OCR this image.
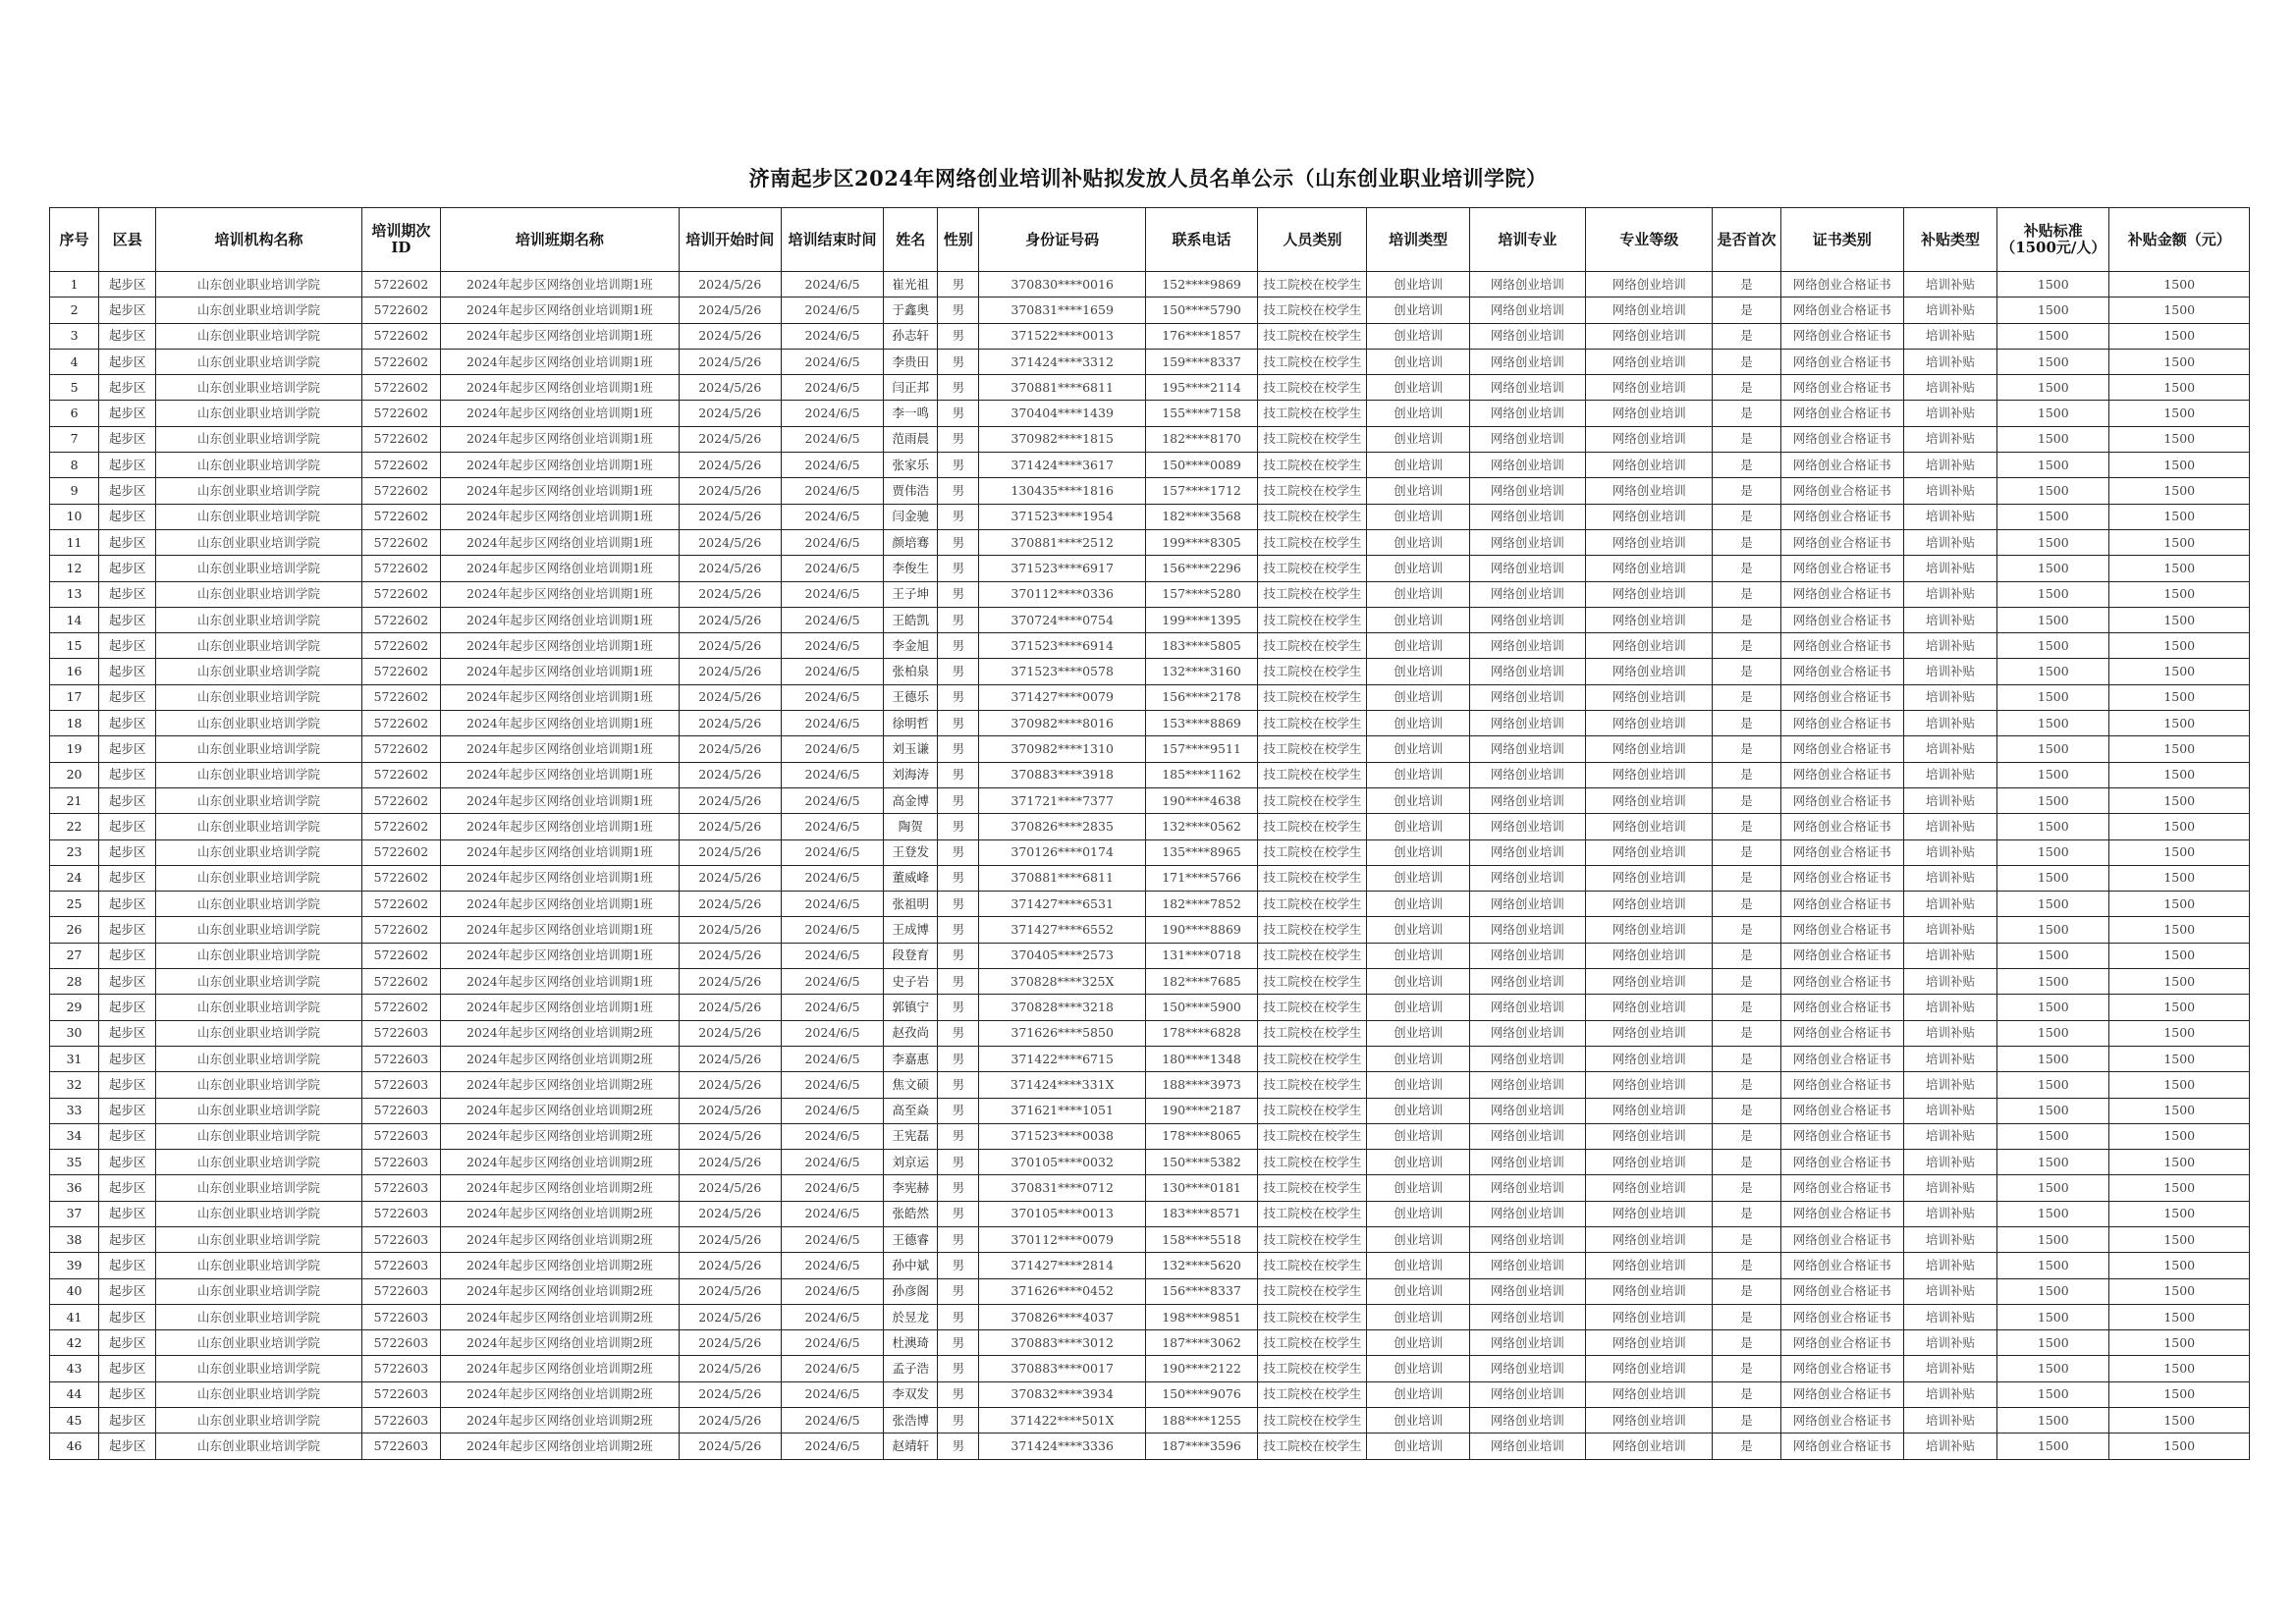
济南起步区2024年网络创业培训补贴拟发放人员名单公示（山东创业职业培训学院）
序号	区县	培训机构名称	培训期次ID	培训班期名称	培训开始时间	培训结束时间	姓名	性别	身份证号码	联系电话	人员类别	培训类型	培训专业	专业等级	是否首次	证书类别	补贴类型	补贴标准（1500元/人）	补贴金额（元）
1	起步区	山东创业职业培训学院	5722602	2024年起步区网络创业培训期1班	2024/5/26	2024/6/5	崔光祖	男	370830****0016	152****9869	技工院校在校学生	创业培训	网络创业培训	网络创业培训	是	网络创业合格证书	培训补贴	1500	1500
2	起步区	山东创业职业培训学院	5722602	2024年起步区网络创业培训期1班	2024/5/26	2024/6/5	于鑫奥	男	370831****1659	150****5790	技工院校在校学生	创业培训	网络创业培训	网络创业培训	是	网络创业合格证书	培训补贴	1500	1500
3	起步区	山东创业职业培训学院	5722602	2024年起步区网络创业培训期1班	2024/5/26	2024/6/5	孙志轩	男	371522****0013	176****1857	技工院校在校学生	创业培训	网络创业培训	网络创业培训	是	网络创业合格证书	培训补贴	1500	1500
4	起步区	山东创业职业培训学院	5722602	2024年起步区网络创业培训期1班	2024/5/26	2024/6/5	李贵田	男	371424****3312	159****8337	技工院校在校学生	创业培训	网络创业培训	网络创业培训	是	网络创业合格证书	培训补贴	1500	1500
5	起步区	山东创业职业培训学院	5722602	2024年起步区网络创业培训期1班	2024/5/26	2024/6/5	闫正邦	男	370881****6811	195****2114	技工院校在校学生	创业培训	网络创业培训	网络创业培训	是	网络创业合格证书	培训补贴	1500	1500
6	起步区	山东创业职业培训学院	5722602	2024年起步区网络创业培训期1班	2024/5/26	2024/6/5	李一鸣	男	370404****1439	155****7158	技工院校在校学生	创业培训	网络创业培训	网络创业培训	是	网络创业合格证书	培训补贴	1500	1500
7	起步区	山东创业职业培训学院	5722602	2024年起步区网络创业培训期1班	2024/5/26	2024/6/5	范雨晨	男	370982****1815	182****8170	技工院校在校学生	创业培训	网络创业培训	网络创业培训	是	网络创业合格证书	培训补贴	1500	1500
8	起步区	山东创业职业培训学院	5722602	2024年起步区网络创业培训期1班	2024/5/26	2024/6/5	张家乐	男	371424****3617	150****0089	技工院校在校学生	创业培训	网络创业培训	网络创业培训	是	网络创业合格证书	培训补贴	1500	1500
9	起步区	山东创业职业培训学院	5722602	2024年起步区网络创业培训期1班	2024/5/26	2024/6/5	贾伟浩	男	130435****1816	157****1712	技工院校在校学生	创业培训	网络创业培训	网络创业培训	是	网络创业合格证书	培训补贴	1500	1500
10	起步区	山东创业职业培训学院	5722602	2024年起步区网络创业培训期1班	2024/5/26	2024/6/5	闫金驰	男	371523****1954	182****3568	技工院校在校学生	创业培训	网络创业培训	网络创业培训	是	网络创业合格证书	培训补贴	1500	1500
11	起步区	山东创业职业培训学院	5722602	2024年起步区网络创业培训期1班	2024/5/26	2024/6/5	颜培骞	男	370881****2512	199****8305	技工院校在校学生	创业培训	网络创业培训	网络创业培训	是	网络创业合格证书	培训补贴	1500	1500
12	起步区	山东创业职业培训学院	5722602	2024年起步区网络创业培训期1班	2024/5/26	2024/6/5	李俊生	男	371523****6917	156****2296	技工院校在校学生	创业培训	网络创业培训	网络创业培训	是	网络创业合格证书	培训补贴	1500	1500
13	起步区	山东创业职业培训学院	5722602	2024年起步区网络创业培训期1班	2024/5/26	2024/6/5	王子坤	男	370112****0336	157****5280	技工院校在校学生	创业培训	网络创业培训	网络创业培训	是	网络创业合格证书	培训补贴	1500	1500
14	起步区	山东创业职业培训学院	5722602	2024年起步区网络创业培训期1班	2024/5/26	2024/6/5	王皓凯	男	370724****0754	199****1395	技工院校在校学生	创业培训	网络创业培训	网络创业培训	是	网络创业合格证书	培训补贴	1500	1500
15	起步区	山东创业职业培训学院	5722602	2024年起步区网络创业培训期1班	2024/5/26	2024/6/5	李金旭	男	371523****6914	183****5805	技工院校在校学生	创业培训	网络创业培训	网络创业培训	是	网络创业合格证书	培训补贴	1500	1500
16	起步区	山东创业职业培训学院	5722602	2024年起步区网络创业培训期1班	2024/5/26	2024/6/5	张柏泉	男	371523****0578	132****3160	技工院校在校学生	创业培训	网络创业培训	网络创业培训	是	网络创业合格证书	培训补贴	1500	1500
17	起步区	山东创业职业培训学院	5722602	2024年起步区网络创业培训期1班	2024/5/26	2024/6/5	王德乐	男	371427****0079	156****2178	技工院校在校学生	创业培训	网络创业培训	网络创业培训	是	网络创业合格证书	培训补贴	1500	1500
18	起步区	山东创业职业培训学院	5722602	2024年起步区网络创业培训期1班	2024/5/26	2024/6/5	徐明哲	男	370982****8016	153****8869	技工院校在校学生	创业培训	网络创业培训	网络创业培训	是	网络创业合格证书	培训补贴	1500	1500
19	起步区	山东创业职业培训学院	5722602	2024年起步区网络创业培训期1班	2024/5/26	2024/6/5	刘玉谦	男	370982****1310	157****9511	技工院校在校学生	创业培训	网络创业培训	网络创业培训	是	网络创业合格证书	培训补贴	1500	1500
20	起步区	山东创业职业培训学院	5722602	2024年起步区网络创业培训期1班	2024/5/26	2024/6/5	刘海涛	男	370883****3918	185****1162	技工院校在校学生	创业培训	网络创业培训	网络创业培训	是	网络创业合格证书	培训补贴	1500	1500
21	起步区	山东创业职业培训学院	5722602	2024年起步区网络创业培训期1班	2024/5/26	2024/6/5	高金博	男	371721****7377	190****4638	技工院校在校学生	创业培训	网络创业培训	网络创业培训	是	网络创业合格证书	培训补贴	1500	1500
22	起步区	山东创业职业培训学院	5722602	2024年起步区网络创业培训期1班	2024/5/26	2024/6/5	陶贺	男	370826****2835	132****0562	技工院校在校学生	创业培训	网络创业培训	网络创业培训	是	网络创业合格证书	培训补贴	1500	1500
23	起步区	山东创业职业培训学院	5722602	2024年起步区网络创业培训期1班	2024/5/26	2024/6/5	王登发	男	370126****0174	135****8965	技工院校在校学生	创业培训	网络创业培训	网络创业培训	是	网络创业合格证书	培训补贴	1500	1500
24	起步区	山东创业职业培训学院	5722602	2024年起步区网络创业培训期1班	2024/5/26	2024/6/5	董威峰	男	370881****6811	171****5766	技工院校在校学生	创业培训	网络创业培训	网络创业培训	是	网络创业合格证书	培训补贴	1500	1500
25	起步区	山东创业职业培训学院	5722602	2024年起步区网络创业培训期1班	2024/5/26	2024/6/5	张祖明	男	371427****6531	182****7852	技工院校在校学生	创业培训	网络创业培训	网络创业培训	是	网络创业合格证书	培训补贴	1500	1500
26	起步区	山东创业职业培训学院	5722602	2024年起步区网络创业培训期1班	2024/5/26	2024/6/5	王成博	男	371427****6552	190****8869	技工院校在校学生	创业培训	网络创业培训	网络创业培训	是	网络创业合格证书	培训补贴	1500	1500
27	起步区	山东创业职业培训学院	5722602	2024年起步区网络创业培训期1班	2024/5/26	2024/6/5	段登育	男	370405****2573	131****0718	技工院校在校学生	创业培训	网络创业培训	网络创业培训	是	网络创业合格证书	培训补贴	1500	1500
28	起步区	山东创业职业培训学院	5722602	2024年起步区网络创业培训期1班	2024/5/26	2024/6/5	史子岩	男	370828****325X	182****7685	技工院校在校学生	创业培训	网络创业培训	网络创业培训	是	网络创业合格证书	培训补贴	1500	1500
29	起步区	山东创业职业培训学院	5722602	2024年起步区网络创业培训期1班	2024/5/26	2024/6/5	郭镇宁	男	370828****3218	150****5900	技工院校在校学生	创业培训	网络创业培训	网络创业培训	是	网络创业合格证书	培训补贴	1500	1500
30	起步区	山东创业职业培训学院	5722603	2024年起步区网络创业培训期2班	2024/5/26	2024/6/5	赵孜尚	男	371626****5850	178****6828	技工院校在校学生	创业培训	网络创业培训	网络创业培训	是	网络创业合格证书	培训补贴	1500	1500
31	起步区	山东创业职业培训学院	5722603	2024年起步区网络创业培训期2班	2024/5/26	2024/6/5	李嘉惠	男	371422****6715	180****1348	技工院校在校学生	创业培训	网络创业培训	网络创业培训	是	网络创业合格证书	培训补贴	1500	1500
32	起步区	山东创业职业培训学院	5722603	2024年起步区网络创业培训期2班	2024/5/26	2024/6/5	焦文硕	男	371424****331X	188****3973	技工院校在校学生	创业培训	网络创业培训	网络创业培训	是	网络创业合格证书	培训补贴	1500	1500
33	起步区	山东创业职业培训学院	5722603	2024年起步区网络创业培训期2班	2024/5/26	2024/6/5	高至焱	男	371621****1051	190****2187	技工院校在校学生	创业培训	网络创业培训	网络创业培训	是	网络创业合格证书	培训补贴	1500	1500
34	起步区	山东创业职业培训学院	5722603	2024年起步区网络创业培训期2班	2024/5/26	2024/6/5	王宪磊	男	371523****0038	178****8065	技工院校在校学生	创业培训	网络创业培训	网络创业培训	是	网络创业合格证书	培训补贴	1500	1500
35	起步区	山东创业职业培训学院	5722603	2024年起步区网络创业培训期2班	2024/5/26	2024/6/5	刘京运	男	370105****0032	150****5382	技工院校在校学生	创业培训	网络创业培训	网络创业培训	是	网络创业合格证书	培训补贴	1500	1500
36	起步区	山东创业职业培训学院	5722603	2024年起步区网络创业培训期2班	2024/5/26	2024/6/5	李宪赫	男	370831****0712	130****0181	技工院校在校学生	创业培训	网络创业培训	网络创业培训	是	网络创业合格证书	培训补贴	1500	1500
37	起步区	山东创业职业培训学院	5722603	2024年起步区网络创业培训期2班	2024/5/26	2024/6/5	张皓然	男	370105****0013	183****8571	技工院校在校学生	创业培训	网络创业培训	网络创业培训	是	网络创业合格证书	培训补贴	1500	1500
38	起步区	山东创业职业培训学院	5722603	2024年起步区网络创业培训期2班	2024/5/26	2024/6/5	王德睿	男	370112****0079	158****5518	技工院校在校学生	创业培训	网络创业培训	网络创业培训	是	网络创业合格证书	培训补贴	1500	1500
39	起步区	山东创业职业培训学院	5722603	2024年起步区网络创业培训期2班	2024/5/26	2024/6/5	孙中斌	男	371427****2814	132****5620	技工院校在校学生	创业培训	网络创业培训	网络创业培训	是	网络创业合格证书	培训补贴	1500	1500
40	起步区	山东创业职业培训学院	5722603	2024年起步区网络创业培训期2班	2024/5/26	2024/6/5	孙彦阁	男	371626****0452	156****8337	技工院校在校学生	创业培训	网络创业培训	网络创业培训	是	网络创业合格证书	培训补贴	1500	1500
41	起步区	山东创业职业培训学院	5722603	2024年起步区网络创业培训期2班	2024/5/26	2024/6/5	於昱龙	男	370826****4037	198****9851	技工院校在校学生	创业培训	网络创业培训	网络创业培训	是	网络创业合格证书	培训补贴	1500	1500
42	起步区	山东创业职业培训学院	5722603	2024年起步区网络创业培训期2班	2024/5/26	2024/6/5	杜澳琦	男	370883****3012	187****3062	技工院校在校学生	创业培训	网络创业培训	网络创业培训	是	网络创业合格证书	培训补贴	1500	1500
43	起步区	山东创业职业培训学院	5722603	2024年起步区网络创业培训期2班	2024/5/26	2024/6/5	孟子浩	男	370883****0017	190****2122	技工院校在校学生	创业培训	网络创业培训	网络创业培训	是	网络创业合格证书	培训补贴	1500	1500
44	起步区	山东创业职业培训学院	5722603	2024年起步区网络创业培训期2班	2024/5/26	2024/6/5	李双发	男	370832****3934	150****9076	技工院校在校学生	创业培训	网络创业培训	网络创业培训	是	网络创业合格证书	培训补贴	1500	1500
45	起步区	山东创业职业培训学院	5722603	2024年起步区网络创业培训期2班	2024/5/26	2024/6/5	张浩博	男	371422****501X	188****1255	技工院校在校学生	创业培训	网络创业培训	网络创业培训	是	网络创业合格证书	培训补贴	1500	1500
46	起步区	山东创业职业培训学院	5722603	2024年起步区网络创业培训期2班	2024/5/26	2024/6/5	赵靖轩	男	371424****3336	187****3596	技工院校在校学生	创业培训	网络创业培训	网络创业培训	是	网络创业合格证书	培训补贴	1500	1500
